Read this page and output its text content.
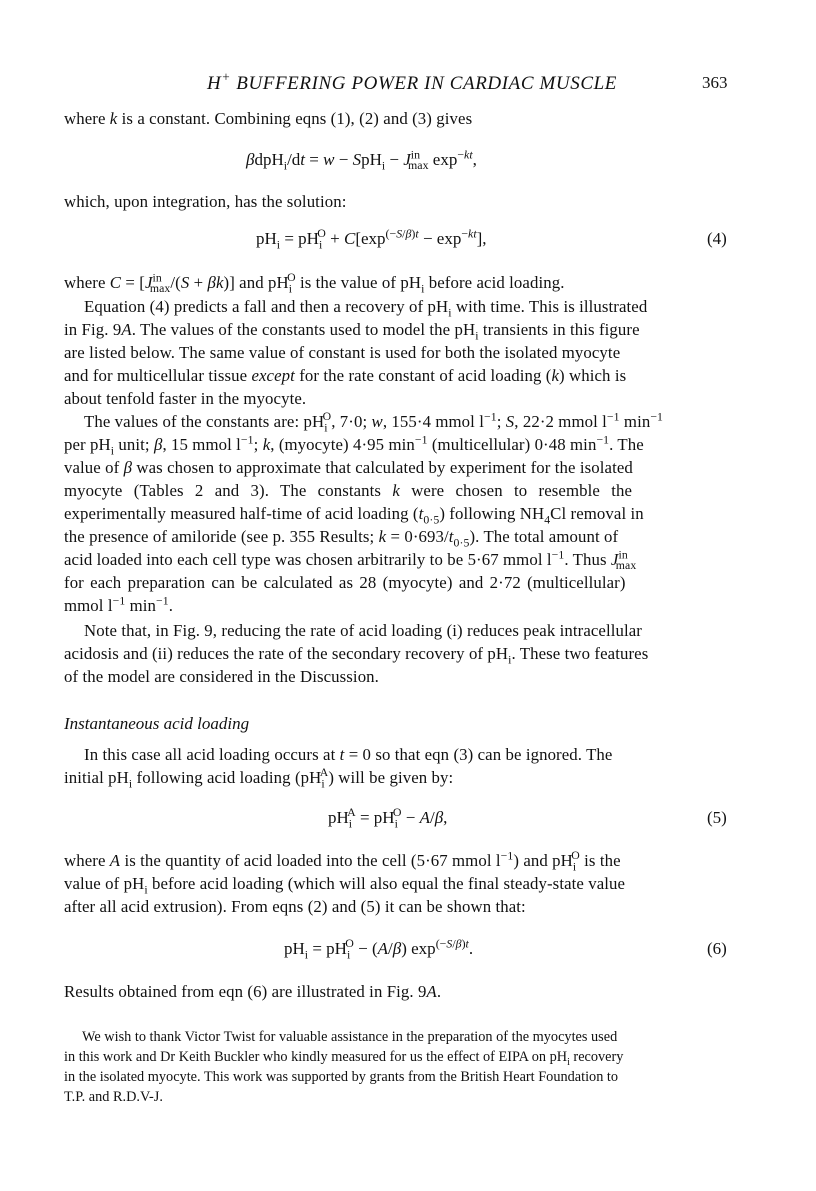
H+ BUFFERING POWER IN CARDIAC MUSCLE	363
where k is a constant. Combining eqns (1), (2) and (3) gives
$\beta dpH_i/dt = w - SpH_i - J^{in}_{max}$ $\exp^{-kt}$,
which, upon integration, has the solution:
$pH_i = pH_i^O + C[\exp^{(-S/\beta)t} - \exp^{-kt}]$,	(4)
where $C = [J^{in}_{max}/(S + \beta k)]$ and $pH_i^O$ is the value of $pH_i$ before acid loading.
Equation (4) predicts a fall and then a recovery of $pH_i$ with time. This is illustrated
in Fig. 9A. The values of the constants used to model the $pH_i$ transients in this figure
are listed below. The same value of constant is used for both the isolated myocyte
and for multicellular tissue except for the rate constant of acid loading (k) which is
about tenfold faster in the myocyte.
The values of the constants are: $pH_i^O$, 7·0; w, 155·4 mmol $l^{-1}$; S, 22·2 mmol $l^{-1}$ $\min^{-1}$
per $pH_i$ unit; β, 15 mmol $l^{-1}$; k, (myocyte) 4·95 $\min^{-1}$ (multicellular) 0·48 $\min^{-1}$. The
value of β was chosen to approximate that calculated by experiment for the isolated
myocyte (Tables 2 and 3). The constants k were chosen to resemble the
experimentally measured half-time of acid loading $(t_{0\cdot 5})$ following $NH_4Cl$ removal in
the presence of amiloride (see p. 355 Results; $k = 0\cdot 693/t_{0\cdot 5}$). The total amount of
acid loaded into each cell type was chosen arbitrarily to be 5·67 mmol $l^{-1}$. Thus $J^{in}_{max}$
for each preparation can be calculated as 28 (myocyte) and 2·72 (multicellular)
mmol $l^{-1}$ $\min^{-1}$.
Note that, in Fig. 9, reducing the rate of acid loading (i) reduces peak intracellular
acidosis and (ii) reduces the rate of the secondary recovery of $pH_i$. These two features
of the model are considered in the Discussion.
Instantaneous acid loading
In this case all acid loading occurs at t = 0 so that eqn (3) can be ignored. The
initial $pH_i$ following acid loading $(pH_i^A)$ will be given by:
$pH_i^A = pH_i^O - A/\beta$,	(5)
where A is the quantity of acid loaded into the cell (5·67 mmol $l^{-1}$) and $pH_i^O$ is the
value of $pH_i$ before acid loading (which will also equal the final steady-state value
after all acid extrusion). From eqns (2) and (5) it can be shown that:
$pH_i = pH_i^O - (A/\beta)$ $\exp^{(-S/\beta)t}$.	(6)
Results obtained from eqn (6) are illustrated in Fig. 9A.
We wish to thank Victor Twist for valuable assistance in the preparation of the myocytes used
in this work and Dr Keith Buckler who kindly measured for us the effect of EIPA on $pH_i$ recovery
in the isolated myocyte. This work was supported by grants from the British Heart Foundation to
T.P. and R.D.V-J.
